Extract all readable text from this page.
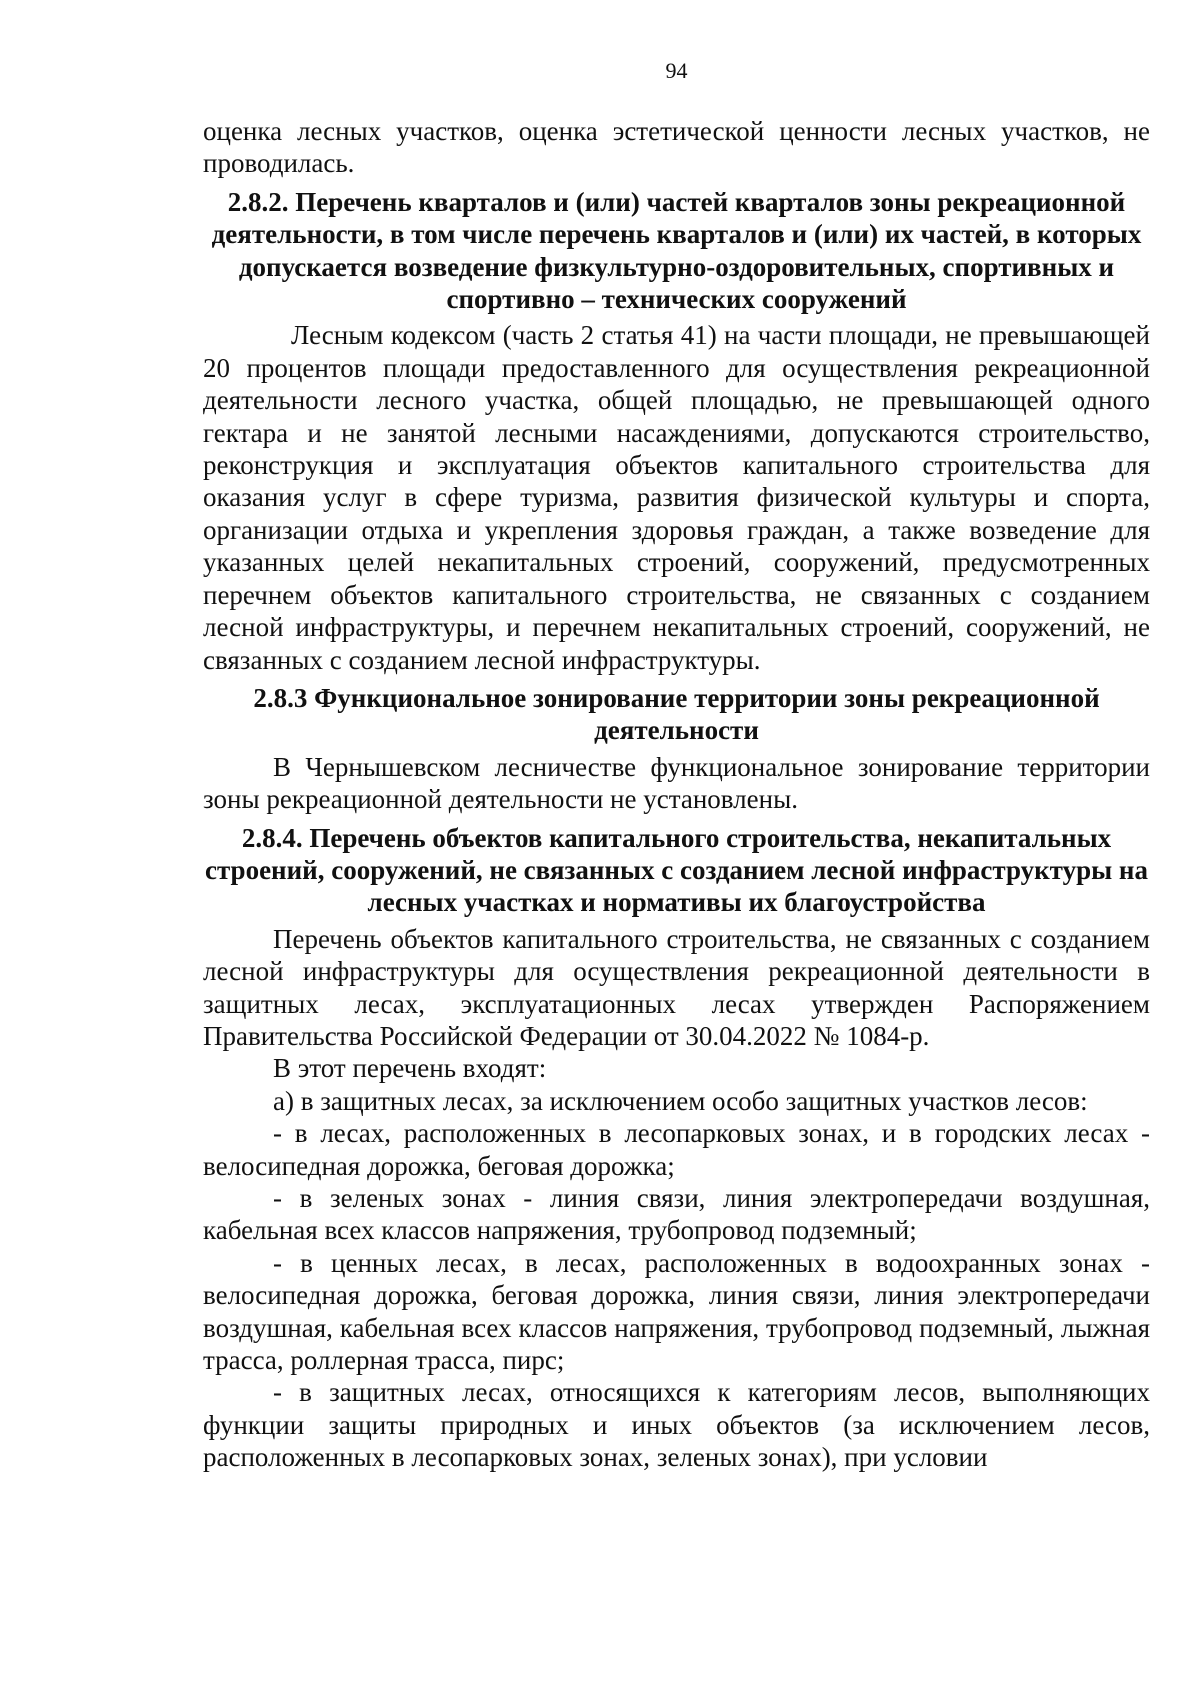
94

оценка лесных участков, оценка эстетической ценности лесных участков, не проводилась.

2.8.2. Перечень кварталов и (или) частей кварталов зоны рекреационной деятельности, в том числе перечень кварталов и (или) их частей, в которых допускается возведение физкультурно-оздоровительных, спортивных и спортивно – технических сооружений

Лесным кодексом (часть 2 статья 41) на части площади, не превышающей 20 процентов площади предоставленного для осуществления рекреационной деятельности лесного участка, общей площадью, не превышающей одного гектара и не занятой лесными насаждениями, допускаются строительство, реконструкция и эксплуатация объектов капитального строительства для оказания услуг в сфере туризма, развития физической культуры и спорта, организации отдыха и укрепления здоровья граждан, а также возведение для указанных целей некапитальных строений, сооружений, предусмотренных перечнем объектов капитального строительства, не связанных с созданием лесной инфраструктуры, и перечнем некапитальных строений, сооружений, не связанных с созданием лесной инфраструктуры.

2.8.3 Функциональное зонирование территории зоны рекреационной деятельности

В Чернышевском лесничестве функциональное зонирование территории зоны рекреационной деятельности не установлены.

2.8.4. Перечень объектов капитального строительства, некапитальных строений, сооружений, не связанных с созданием лесной инфраструктуры на лесных участках и нормативы их благоустройства

Перечень объектов капитального строительства, не связанных с созданием лесной инфраструктуры для осуществления рекреационной деятельности в защитных лесах, эксплуатационных лесах утвержден Распоряжением Правительства Российской Федерации от 30.04.2022 № 1084-р.

В этот перечень входят:

а) в защитных лесах, за исключением особо защитных участков лесов:

- в лесах, расположенных в лесопарковых зонах, и в городских лесах - велосипедная дорожка, беговая дорожка;

- в зеленых зонах - линия связи, линия электропередачи воздушная, кабельная всех классов напряжения, трубопровод подземный;

- в ценных лесах, в лесах, расположенных в водоохранных зонах - велосипедная дорожка, беговая дорожка, линия связи, линия электропередачи воздушная, кабельная всех классов напряжения, трубопровод подземный, лыжная трасса, роллерная трасса, пирс;

- в защитных лесах, относящихся к категориям лесов, выполняющих функции защиты природных и иных объектов (за исключением лесов, расположенных в лесопарковых зонах, зеленых зонах), при условии
